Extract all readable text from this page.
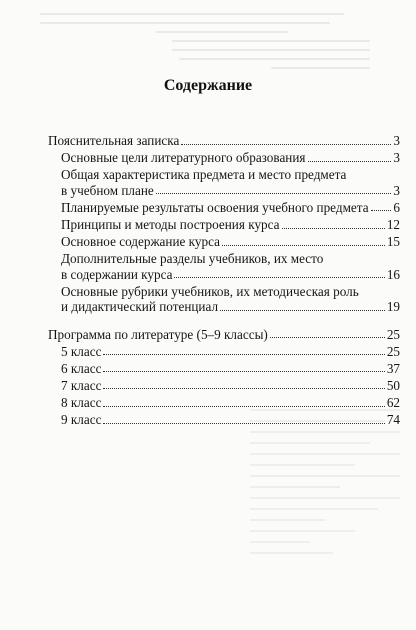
Содержание
Пояснительная записка	3
Основные цели литературного образования	3
Общая характеристика предмета и место предмета
в учебном плане	3
Планируемые результаты освоения учебного предмета 6
Принципы и методы построения курса	12
Основное содержание курса	15
Дополнительные разделы учебников, их место
в содержании курса	16
Основные рубрики учебников, их методическая роль
и дидактический потенциал	19
Программа по литературе (5–9 классы)	25
5 класс	25
6 класс	37
7 класс	50
8 класс	62
9 класс	74
